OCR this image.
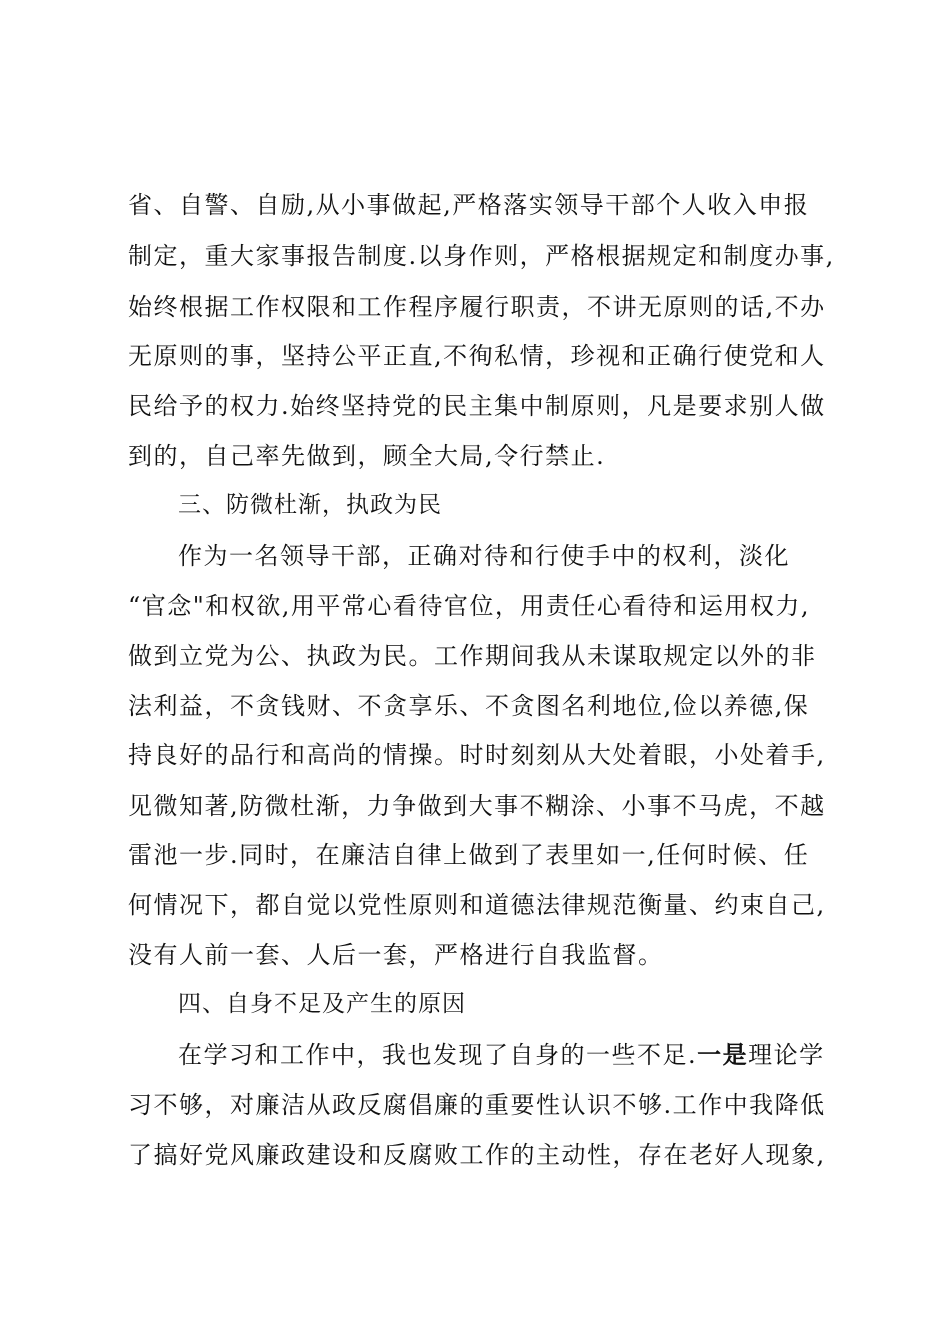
省、自警、自励,从小事做起,严格落实领导干部个人收入申报
制定，重大家事报告制度.以身作则，严格根据规定和制度办事,
始终根据工作权限和工作程序履行职责，不讲无原则的话,不办
无原则的事，坚持公平正直,不徇私情，珍视和正确行使党和人
民给予的权力.始终坚持党的民主集中制原则，凡是要求别人做
到的，自己率先做到，顾全大局,令行禁止.
三、防微杜渐，执政为民
作为一名领导干部，正确对待和行使手中的权利，淡化
“官念"和权欲,用平常心看待官位，用责任心看待和运用权力,
做到立党为公、执政为民。工作期间我从未谋取规定以外的非
法利益，不贪钱财、不贪享乐、不贪图名利地位,俭以养德,保
持良好的品行和高尚的情操。时时刻刻从大处着眼，小处着手,
见微知著,防微杜渐，力争做到大事不糊涂、小事不马虎，不越
雷池一步.同时，在廉洁自律上做到了表里如一,任何时候、任
何情况下，都自觉以党性原则和道德法律规范衡量、约束自己,
没有人前一套、人后一套，严格进行自我监督。
四、自身不足及产生的原因
在学习和工作中，我也发现了自身的一些不足.一是理论学
习不够，对廉洁从政反腐倡廉的重要性认识不够.工作中我降低
了搞好党风廉政建设和反腐败工作的主动性，存在老好人现象,
